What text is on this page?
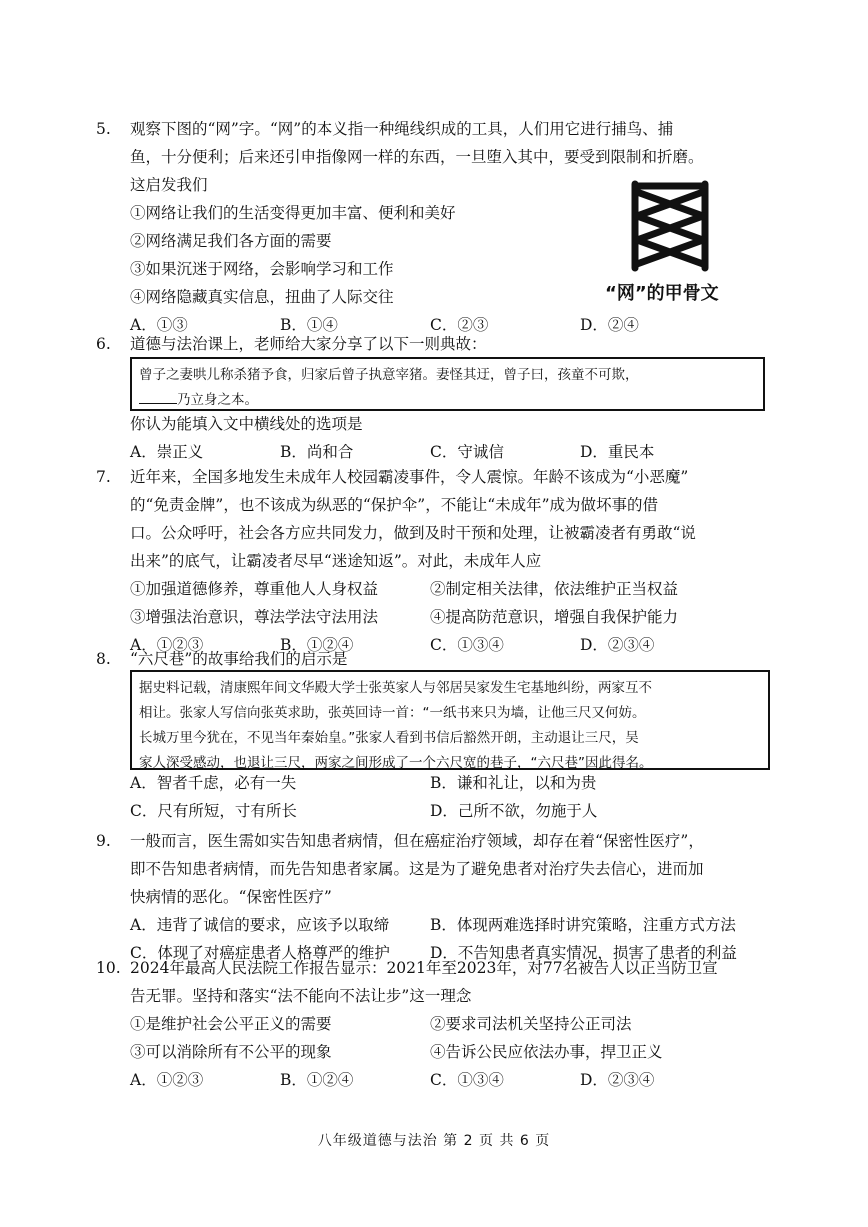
5. 观察下图的“网”字。“网”的本义指一种绳线织成的工具，人们用它进行捕鸟、捕
鱼，十分便利；后来还引申指像网一样的东西，一旦堕入其中，要受到限制和折磨。
这启发我们
①网络让我们的生活变得更加丰富、便利和美好
②网络满足我们各方面的需要
③如果沉迷于网络，会影响学习和工作
④网络隐藏真实信息，扭曲了人际交往
A．①③	B．①④	C．②③	D．②④
“网”的甲骨文
6. 道德与法治课上，老师给大家分享了以下一则典故：
曾子之妻哄儿称杀猪予食，归家后曾子执意宰猪。妻怪其迂，曾子曰，孩童不可欺，
乃立身之本。
你认为能填入文中横线处的选项是
A．崇正义	B．尚和合	C．守诚信	D．重民本
7. 近年来，全国多地发生未成年人校园霸凌事件，令人震惊。年龄不该成为“小恶魔”
的“免责金牌”，也不该成为纵恶的“保护伞”，不能让“未成年”成为做坏事的借
口。公众呼吁，社会各方应共同发力，做到及时干预和处理，让被霸凌者有勇敢“说
出来”的底气，让霸凌者尽早“迷途知返”。对此，未成年人应
①加强道德修养，尊重他人人身权益	②制定相关法律，依法维护正当权益
③增强法治意识，尊法学法守法用法	④提高防范意识，增强自我保护能力
A．①②③	B．①②④	C．①③④	D．②③④
8. “六尺巷”的故事给我们的启示是
据史料记载，清康熙年间文华殿大学士张英家人与邻居吴家发生宅基地纠纷，两家互不
相让。张家人写信向张英求助，张英回诗一首：“一纸书来只为墙，让他三尺又何妨。
长城万里今犹在，不见当年秦始皇。”张家人看到书信后豁然开朗，主动退让三尺，吴
家人深受感动，也退让三尺，两家之间形成了一个六尺宽的巷子，“六尺巷”因此得名。
A．智者千虑，必有一失	B．谦和礼让，以和为贵
C．尺有所短，寸有所长	D．己所不欲，勿施于人
9. 一般而言，医生需如实告知患者病情，但在癌症治疗领域，却存在着“保密性医疗”，
即不告知患者病情，而先告知患者家属。这是为了避免患者对治疗失去信心，进而加
快病情的恶化。“保密性医疗”
A．违背了诚信的要求，应该予以取缔	B．体现两难选择时讲究策略，注重方式方法
C．体现了对癌症患者人格尊严的维护	D．不告知患者真实情况，损害了患者的利益
10. 2024年最高人民法院工作报告显示：2021年至2023年，对77名被告人以正当防卫宣
告无罪。坚持和落实“法不能向不法让步”这一理念
①是维护社会公平正义的需要	②要求司法机关坚持公正司法
③可以消除所有不公平的现象	④告诉公民应依法办事，捍卫正义
A．①②③	B．①②④	C．①③④	D．②③④
八年级道德与法治 第 2 页 共 6 页
